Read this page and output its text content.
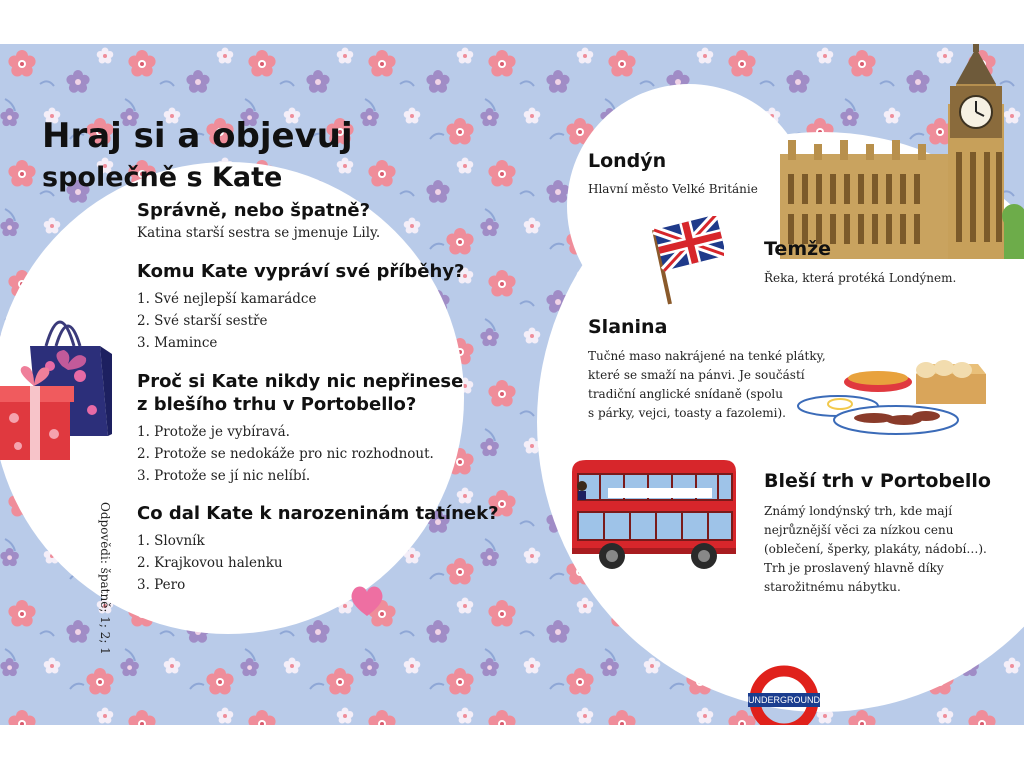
Hraj si a objevuj
společně s Kate
Správně, nebo špatně?

Katina starší sestra se jmenuje Lily.

Komu Kate vypráví své příběhy?
1. Své nejlepší kamarádce
2. Své starší sestře
3. Mamince
Proč si Kate nikdy nic nepřinese
z blešího trhu v Portobello?
1. Protože je vybíravá.
2. Protože se nedokáže pro nic rozhodnout.
3. Protože se jí nic nelíbí.
Co dal Kate k narozeninám tatínek?
1. Slovník
2. Krajkovou halenku
3. Pero
Odpovědi: špatně; 1; 2; 1
Londýn

Hlavní město Velké Británie

Temže

Řeka, která protéká Londýnem.

Slanina
Tučné maso nakrájené na tenké plátky,
které se smaží na pánvi. Je součástí
tradiční anglické snídaně (spolu
s párky, vejci, toasty a fazolemi).
Bleší trh v Portobello
Známý londýnský trh, kde mají
nejrůznější věci za nízkou cenu
(oblečení, šperky, plakáty, nádobí…).
Trh je proslavený hlavně díky
starožitnému nábytku.
UNDERGROUND
